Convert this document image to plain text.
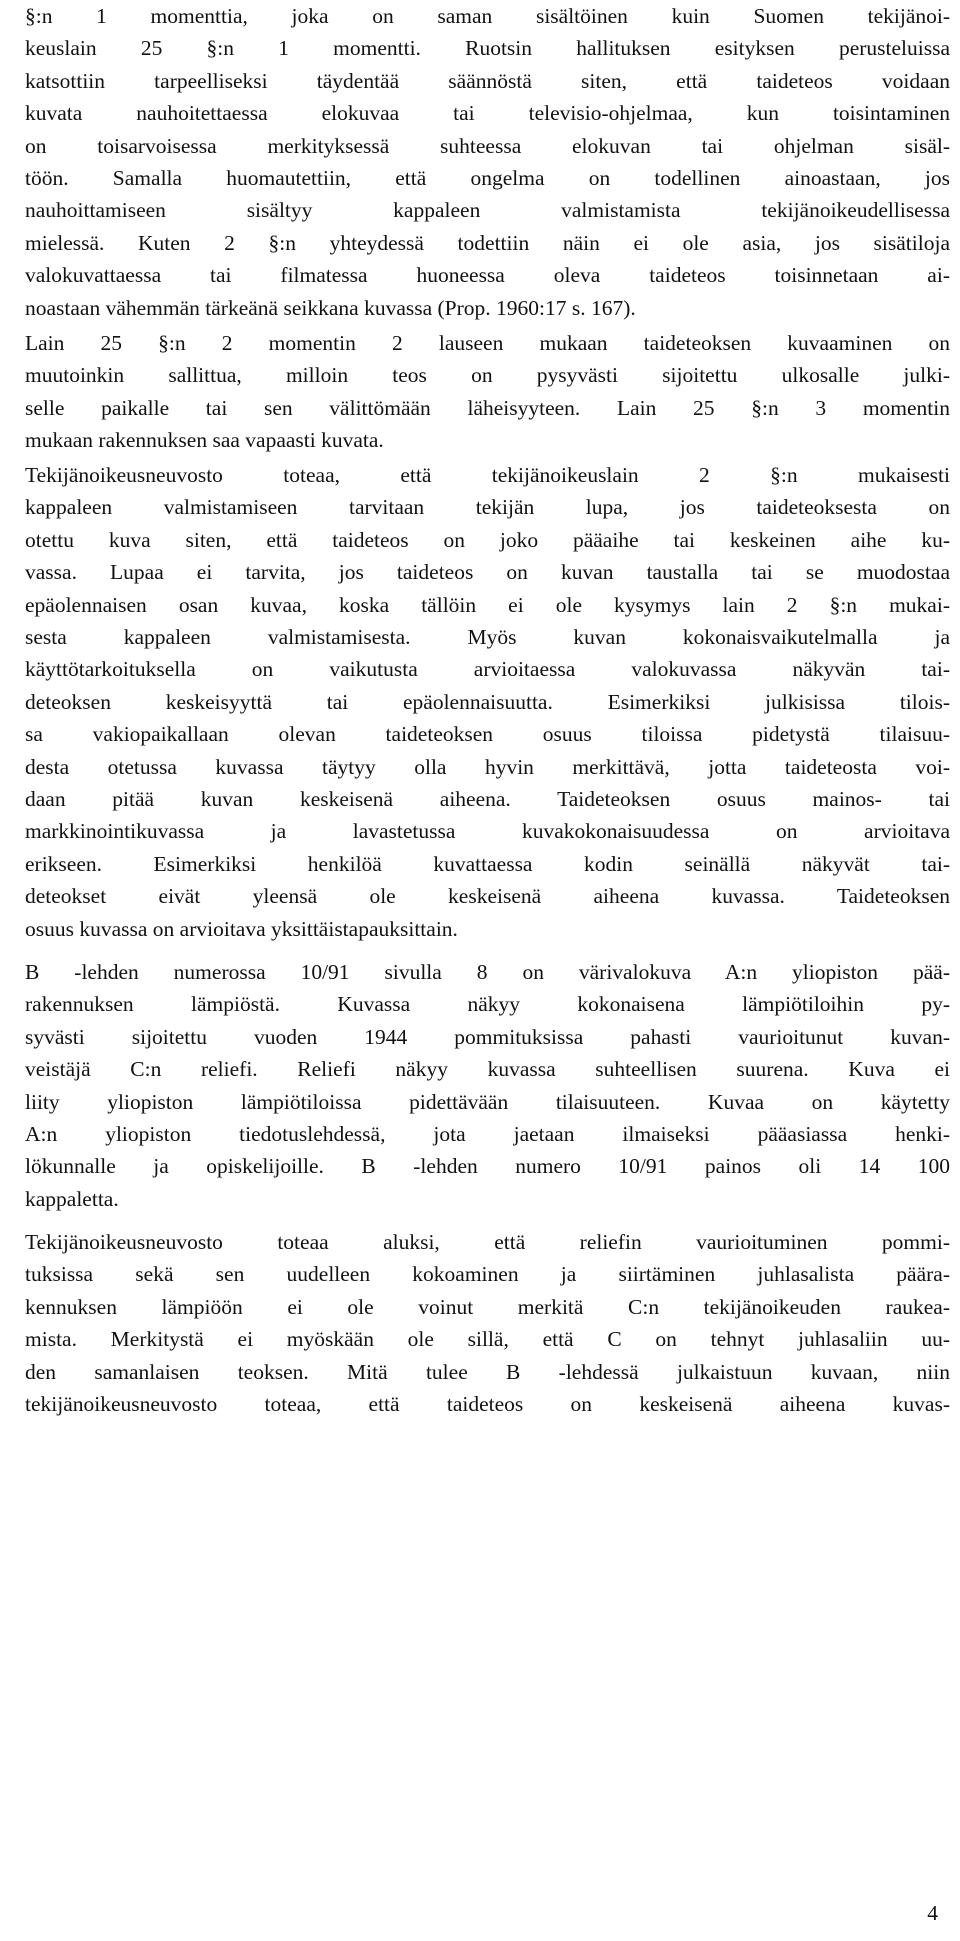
§:n 1 momenttia, joka on saman sisältöinen kuin Suomen tekijänoi-
keuslain 25 §:n 1 momentti. Ruotsin hallituksen esityksen perusteluissa
katsottiin tarpeelliseksi täydentää säännöstä siten, että taideteos voidaan
kuvata nauhoitettaessa elokuvaa tai televisio-ohjelmaa, kun toisintaminen
on toisarvoisessa merkityksessä suhteessa elokuvan tai ohjelman sisäl-
töön. Samalla huomautettiin, että ongelma on todellinen ainoastaan, jos
nauhoittamiseen sisältyy kappaleen valmistamista tekijänoikeudellisessa
mielessä. Kuten 2 §:n yhteydessä todettiin näin ei ole asia, jos sisätiloja
valokuvattaessa tai filmatessa huoneessa oleva taideteos toisinnetaan ai-
noastaan vähemmän tärkeänä seikkana kuvassa (Prop. 1960:17 s. 167).

Lain 25 §:n 2 momentin 2 lauseen mukaan taideteoksen kuvaaminen on
muutoinkin sallittua, milloin teos on pysyvästi sijoitettu ulkosalle julki-
selle paikalle tai sen välittömään läheisyyteen. Lain 25 §:n 3 momentin
mukaan rakennuksen saa vapaasti kuvata.

Tekijänoikeusneuvosto toteaa, että tekijänoikeuslain 2 §:n mukaisesti
kappaleen valmistamiseen tarvitaan tekijän lupa, jos taideteoksesta on
otettu kuva siten, että taideteos on joko pääaihe tai keskeinen aihe ku-
vassa. Lupaa ei tarvita, jos taideteos on kuvan taustalla tai se muodostaa
epäolennaisen osan kuvaa, koska tällöin ei ole kysymys lain 2 §:n mukai-
sesta kappaleen valmistamisesta. Myös kuvan kokonaisvaikutelmalla ja
käyttötarkoituksella on vaikutusta arvioitaessa valokuvassa näkyvän tai-
deteoksen keskeisyyttä tai epäolennaisuutta. Esimerkiksi julkisissa tilois-
sa vakiopaikallaan olevan taideteoksen osuus tiloissa pidetystä tilaisuu-
desta otetussa kuvassa täytyy olla hyvin merkittävä, jotta taideteosta voi-
daan pitää kuvan keskeisenä aiheena. Taideteoksen osuus mainos- tai
markkinointikuvassa ja lavastetussa kuvakokonaisuudessa on arvioitava
erikseen. Esimerkiksi henkilöä kuvattaessa kodin seinällä näkyvät tai-
deteokset eivät yleensä ole keskeisenä aiheena kuvassa. Taideteoksen
osuus kuvassa on arvioitava yksittäistapauksittain.

B -lehden numerossa 10/91 sivulla 8 on värivalokuva A:n yliopiston pää-
rakennuksen lämpiöstä. Kuvassa näkyy kokonaisena lämpiötiloihin py-
syvästi sijoitettu vuoden 1944 pommituksissa pahasti vaurioitunut kuvan-
veistäjä C:n reliefi. Reliefi näkyy kuvassa suhteellisen suurena. Kuva ei
liity yliopiston lämpiötiloissa pidettävään tilaisuuteen. Kuvaa on käytetty
A:n yliopiston tiedotuslehdessä, jota jaetaan ilmaiseksi pääasiassa henki-
lökunnalle ja opiskelijoille. B -lehden numero 10/91 painos oli 14 100
kappaletta.

Tekijänoikeusneuvosto toteaa aluksi, että reliefin vaurioituminen pommi-
tuksissa sekä sen uudelleen kokoaminen ja siirtäminen juhlasalista päära-
kennuksen lämpiöön ei ole voinut merkitä C:n tekijänoikeuden raukea-
mista. Merkitystä ei myöskään ole sillä, että C on tehnyt juhlasaliin uu-
den samanlaisen teoksen. Mitä tulee B -lehdessä julkaistuun kuvaan, niin
tekijänoikeusneuvosto toteaa, että taideteos on keskeisenä aiheena kuvas-

4
